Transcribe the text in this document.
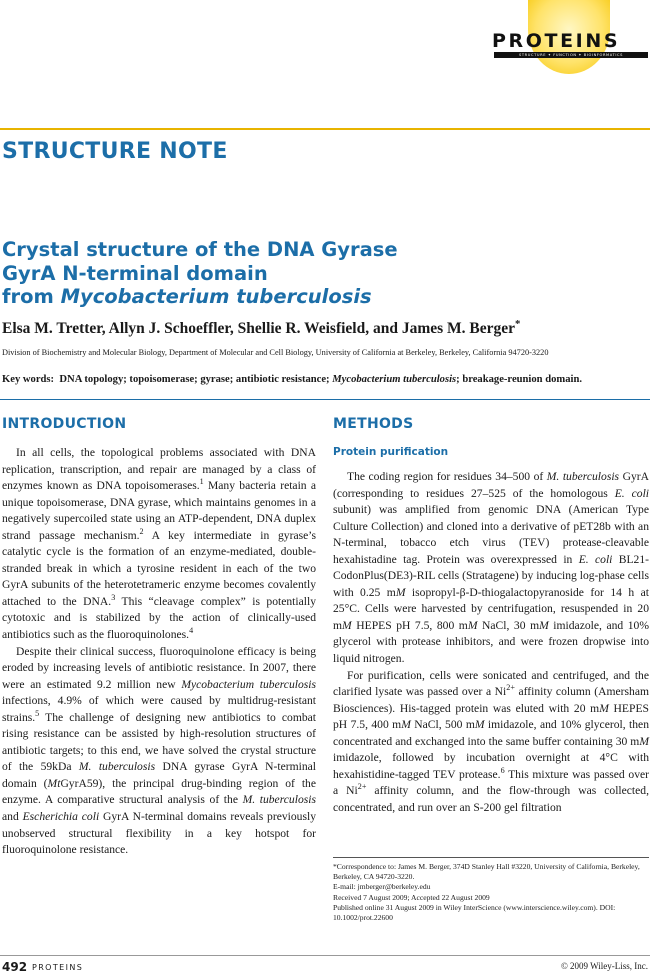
PROTEINS
STRUCTURE ✦ FUNCTION ✦ BIOINFORMATICS
STRUCTURE NOTE
Crystal structure of the DNA Gyrase
GyrA N-terminal domain
from Mycobacterium tuberculosis
Elsa M. Tretter, Allyn J. Schoeffler, Shellie R. Weisfield, and James M. Berger*
Division of Biochemistry and Molecular Biology, Department of Molecular and Cell Biology, University of California at Berkeley, Berkeley, California 94720-3220
Key words: DNA topology; topoisomerase; gyrase; antibiotic resistance; Mycobacterium tuberculosis; breakage-reunion domain.
INTRODUCTION

In all cells, the topological problems associated with DNA replication, transcription, and repair are managed by a class of enzymes known as DNA topoisomerases.$^1$ Many bacteria retain a unique topoisomerase, DNA gyrase, which maintains genomes in a negatively supercoiled state using an ATP-dependent, DNA duplex strand passage mechanism.$^2$ A key intermediate in gyrase’s catalytic cycle is the formation of an enzyme-mediated, double-stranded break in which a tyrosine resident in each of the two GyrA subunits of the heterotetrameric enzyme becomes covalently attached to the DNA.$^3$ This “cleavage complex” is potentially cytotoxic and is stabilized by the action of clinically-used antibiotics such as the fluoroquinolones.$^4$

Despite their clinical success, fluoroquinolone efficacy is being eroded by increasing levels of antibiotic resistance. In 2007, there were an estimated 9.2 million new Mycobacterium tuberculosis infections, 4.9% of which were caused by multidrug-resistant strains.$^5$ The challenge of designing new antibiotics to combat rising resistance can be assisted by high-resolution structures of antibiotic targets; to this end, we have solved the crystal structure of the 59kDa M. tuberculosis DNA gyrase GyrA N-terminal domain (MtGyrA59), the principal drug-binding region of the enzyme. A comparative structural analysis of the M. tuberculosis and Escherichia coli GyrA N-terminal domains reveals previously unobserved structural flexibility in a key hotspot for fluoroquinolone resistance.

METHODS
Protein purification

The coding region for residues 34–500 of M. tuberculosis GyrA (corresponding to residues 27–525 of the homologous E. coli subunit) was amplified from genomic DNA (American Type Culture Collection) and cloned into a derivative of pET28b with an N-terminal, tobacco etch virus (TEV) protease-cleavable hexahistadine tag. Protein was overexpressed in E. coli BL21-CodonPlus(DE3)-RIL cells (Stratagene) by inducing log-phase cells with 0.25 mM isopropyl-β-D-thiogalactopyranoside for 14 h at 25°C. Cells were harvested by centrifugation, resuspended in 20 mM HEPES pH 7.5, 800 mM NaCl, 30 mM imidazole, and 10% glycerol with protease inhibitors, and were frozen dropwise into liquid nitrogen.

For purification, cells were sonicated and centrifuged, and the clarified lysate was passed over a $Ni^{2+}$ affinity column (Amersham Biosciences). His-tagged protein was eluted with 20 mM HEPES pH 7.5, 400 mM NaCl, 500 mM imidazole, and 10% glycerol, then concentrated and exchanged into the same buffer containing 30 mM imidazole, followed by incubation overnight at 4°C with hexahistidine-tagged TEV protease.$^6$ This mixture was passed over a $Ni^{2+}$ affinity column, and the flow-through was collected, concentrated, and run over an S-200 gel filtration

*Correspondence to: James M. Berger, 374D Stanley Hall #3220, University of California, Berkeley, Berkeley, CA 94720-3220.
E-mail: jmberger@berkeley.edu
Received 7 August 2009; Accepted 22 August 2009
Published online 31 August 2009 in Wiley InterScience (www.interscience.wiley.com). DOI: 10.1002/prot.22600
492 PROTEINS	© 2009 Wiley-Liss, Inc.
